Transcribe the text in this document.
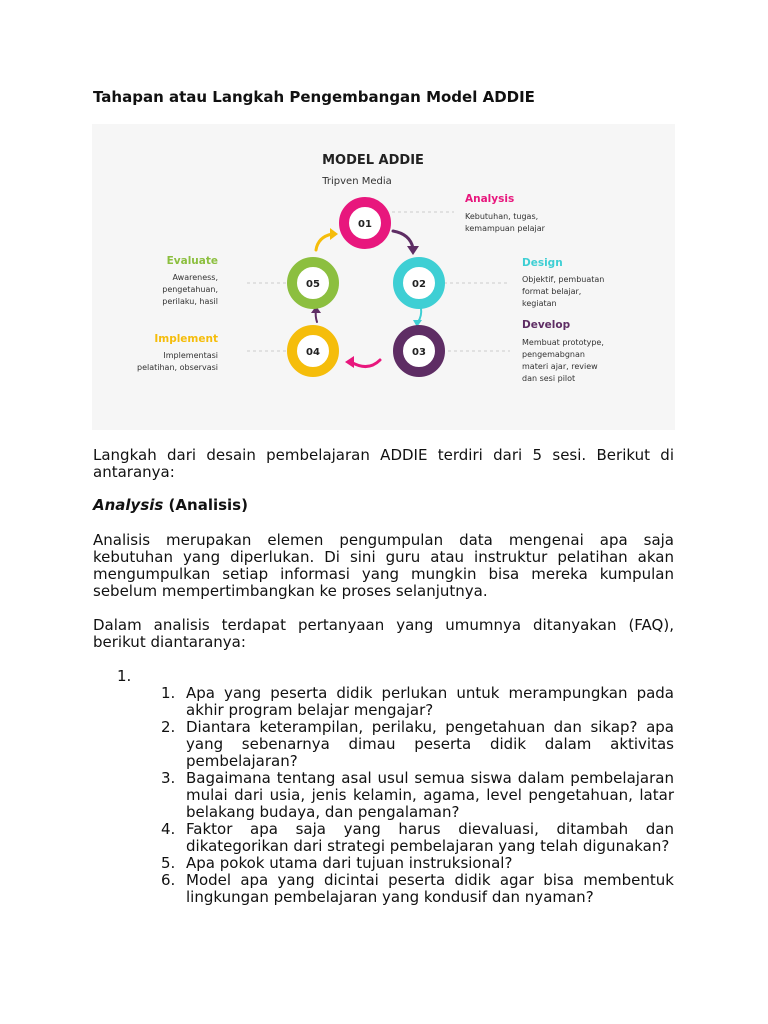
Tahapan atau Langkah Pengembangan Model ADDIE
MODEL ADDIE
Tripven Media
01
02
03
04
05
Analysis
Kebutuhan, tugas,
kemampuan pelajar
Design
Objektif, pembuatan
format belajar,
kegiatan
Develop
Membuat prototype,
pengemabgnan
materi ajar, review
dan sesi pilot
Evaluate
Awareness,
pengetahuan,
perilaku, hasil
Implement
Implementasi
pelatihan, observasi
Langkah dari desain pembelajaran ADDIE terdiri dari 5 sesi. Berikut di antaranya:
Analysis (Analisis)
Analisis merupakan elemen pengumpulan data mengenai apa saja kebutuhan yang diperlukan. Di sini guru atau instruktur pelatihan akan mengumpulkan setiap informasi yang mungkin bisa mereka kumpulan sebelum mempertimbangkan ke proses selanjutnya.
Dalam analisis terdapat pertanyaan yang umumnya ditanyakan (FAQ), berikut diantaranya:
1.
1. Apa yang peserta didik perlukan untuk merampungkan pada akhir program belajar mengajar?
2. Diantara keterampilan, perilaku, pengetahuan dan sikap? apa yang sebenarnya dimau peserta didik dalam aktivitas pembelajaran?
3. Bagaimana tentang asal usul semua siswa dalam pembelajaran mulai dari usia, jenis kelamin, agama, level pengetahuan, latar belakang budaya, dan pengalaman?
4. Faktor apa saja yang harus dievaluasi, ditambah dan dikategorikan dari strategi pembelajaran yang telah digunakan?
5. Apa pokok utama dari tujuan instruksional?
6. Model apa yang dicintai peserta didik agar bisa membentuk lingkungan pembelajaran yang kondusif dan nyaman?
